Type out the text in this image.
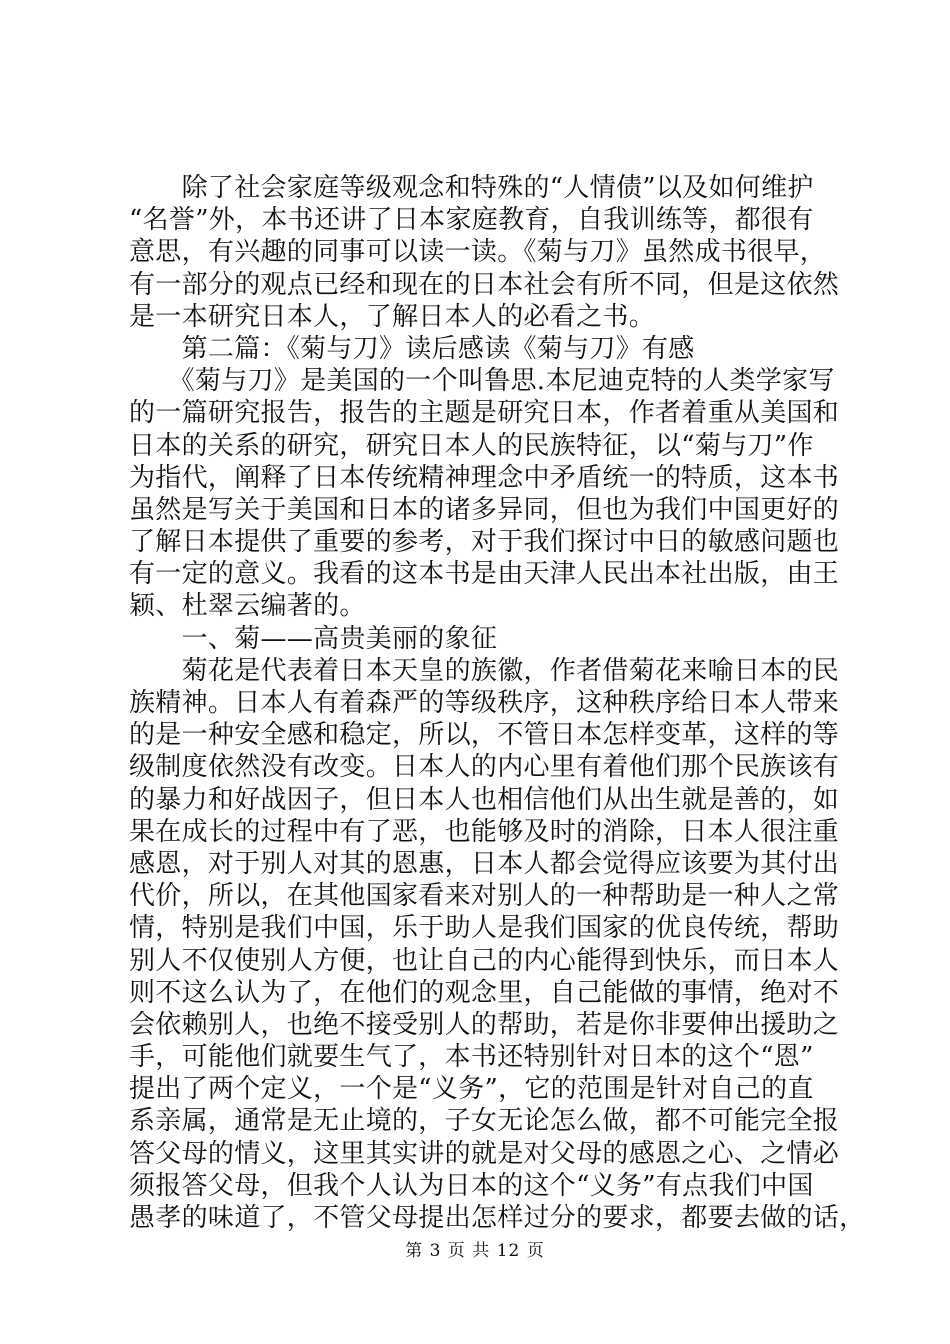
　　除了社会家庭等级观念和特殊的“人情债”以及如何维护
“名誉”外，本书还讲了日本家庭教育，自我训练等，都很有
意思，有兴趣的同事可以读一读。《菊与刀》虽然成书很早，
有一部分的观点已经和现在的日本社会有所不同，但是这依然
是一本研究日本人，了解日本人的必看之书。
　　第二篇：《菊与刀》读后感读《菊与刀》有感
　　《菊与刀》是美国的一个叫鲁思.本尼迪克特的人类学家写
的一篇研究报告，报告的主题是研究日本，作者着重从美国和
日本的关系的研究，研究日本人的民族特征，以“菊与刀”作
为指代，阐释了日本传统精神理念中矛盾统一的特质，这本书
虽然是写关于美国和日本的诸多异同，但也为我们中国更好的
了解日本提供了重要的参考，对于我们探讨中日的敏感问题也
有一定的意义。我看的这本书是由天津人民出本社出版，由王
颖、杜翠云编著的。
　　一、菊——高贵美丽的象征
　　菊花是代表着日本天皇的族徽，作者借菊花来喻日本的民
族精神。日本人有着森严的等级秩序，这种秩序给日本人带来
的是一种安全感和稳定，所以，不管日本怎样变革，这样的等
级制度依然没有改变。日本人的内心里有着他们那个民族该有
的暴力和好战因子，但日本人也相信他们从出生就是善的，如
果在成长的过程中有了恶，也能够及时的消除，日本人很注重
感恩，对于别人对其的恩惠，日本人都会觉得应该要为其付出
代价，所以，在其他国家看来对别人的一种帮助是一种人之常
情，特别是我们中国，乐于助人是我们国家的优良传统，帮助
别人不仅使别人方便，也让自己的内心能得到快乐，而日本人
则不这么认为了，在他们的观念里，自己能做的事情，绝对不
会依赖别人，也绝不接受别人的帮助，若是你非要伸出援助之
手，可能他们就要生气了，本书还特别针对日本的这个“恩”
提出了两个定义，一个是“义务”，它的范围是针对自己的直
系亲属，通常是无止境的，子女无论怎么做，都不可能完全报
答父母的情义，这里其实讲的就是对父母的感恩之心、之情必
须报答父母，但我个人认为日本的这个“义务”有点我们中国
愚孝的味道了，不管父母提出怎样过分的要求，都要去做的话，
第 3 页 共 12 页
